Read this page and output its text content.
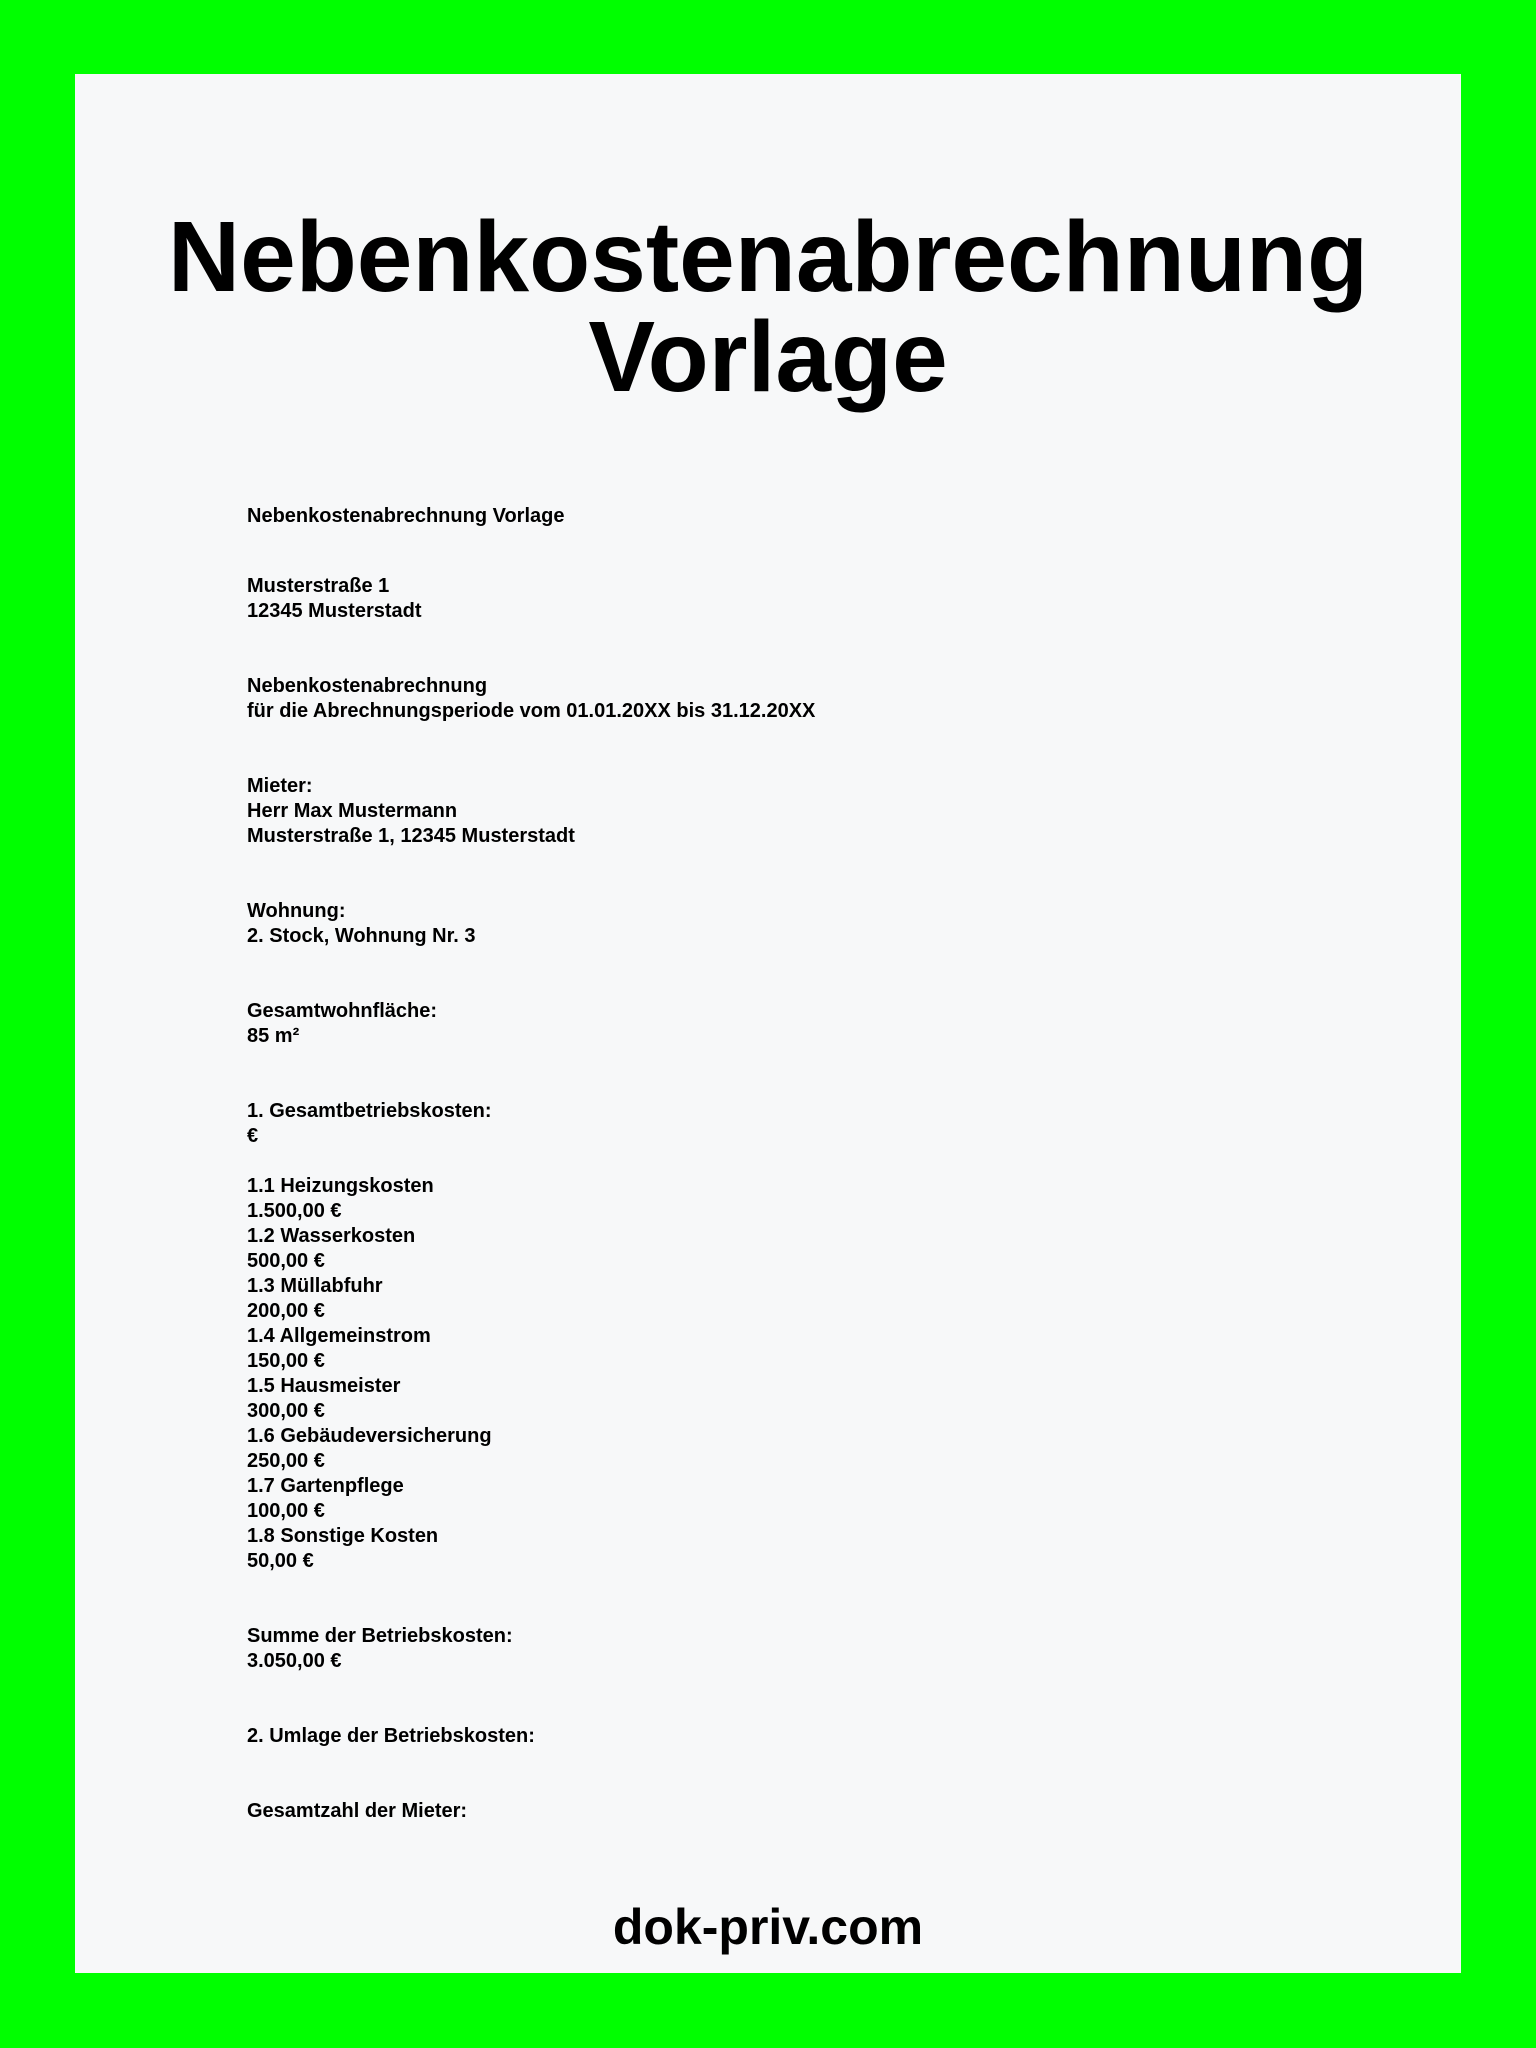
Nebenkostenabrechnung
Vorlage
Nebenkostenabrechnung Vorlage
Musterstraße 1
12345 Musterstadt
Nebenkostenabrechnung
für die Abrechnungsperiode vom 01.01.20XX bis 31.12.20XX
Mieter:
Herr Max Mustermann
Musterstraße 1, 12345 Musterstadt
Wohnung:
2. Stock, Wohnung Nr. 3
Gesamtwohnfläche:
85 m²
1. Gesamtbetriebskosten:
€
1.1 Heizungskosten
1.500,00 €
1.2 Wasserkosten
500,00 €
1.3 Müllabfuhr
200,00 €
1.4 Allgemeinstrom
150,00 €
1.5 Hausmeister
300,00 €
1.6 Gebäudeversicherung
250,00 €
1.7 Gartenpflege
100,00 €
1.8 Sonstige Kosten
50,00 €
Summe der Betriebskosten:
3.050,00 €
2. Umlage der Betriebskosten:
Gesamtzahl der Mieter:
dok-priv.com
